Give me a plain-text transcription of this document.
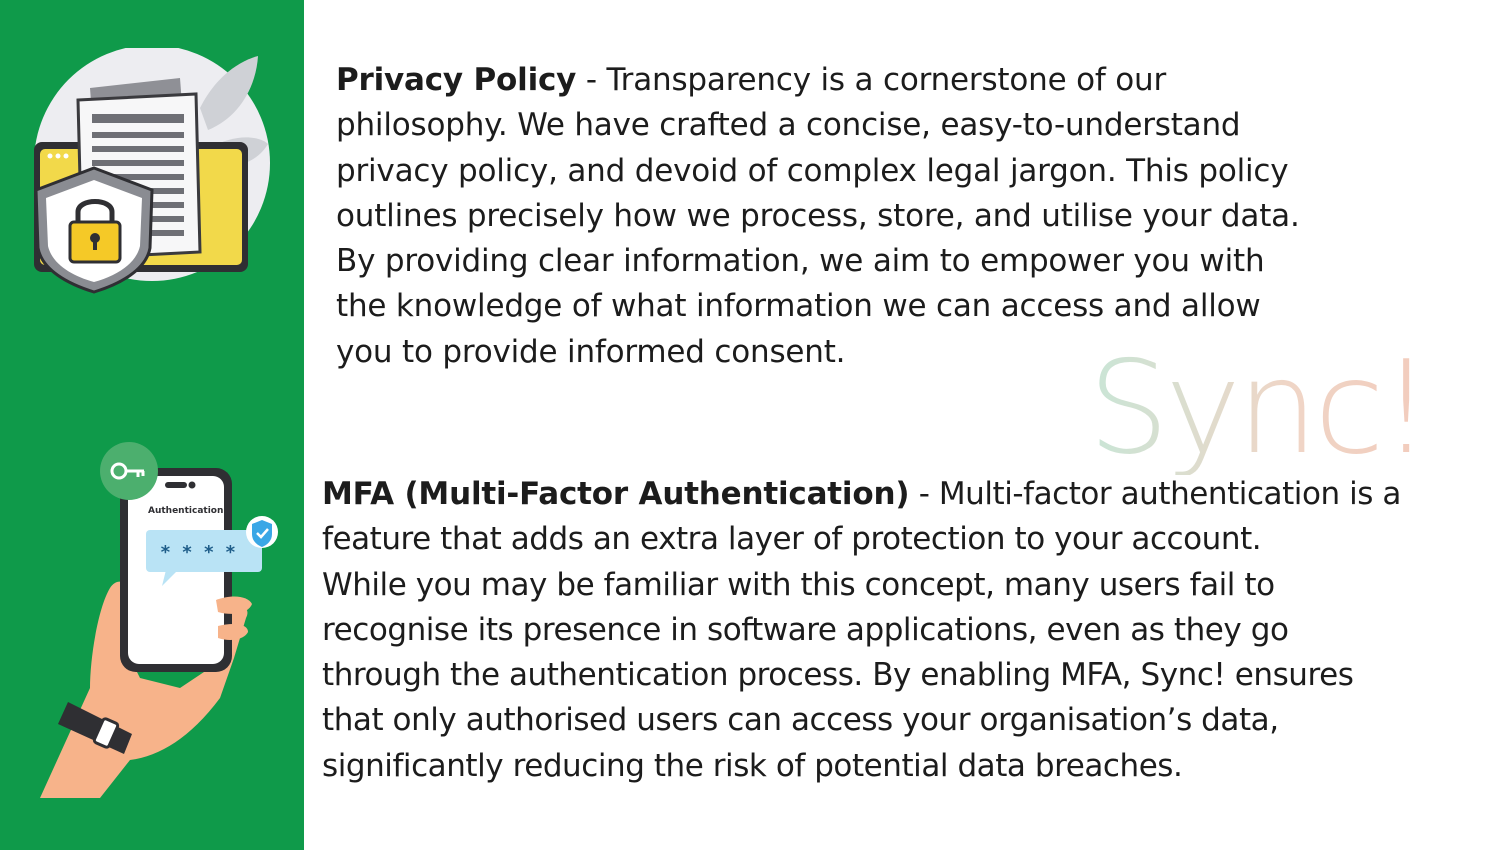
Authentication
* * * *

Privacy Policy - Transparency is a cornerstone of our
philosophy. We have crafted a concise, easy-to-understand
privacy policy, and devoid of complex legal jargon. This policy
outlines precisely how we process, store, and utilise your data.
By providing clear information, we aim to empower you with
the knowledge of what information we can access and allow
you to provide informed consent.	Sync!

MFA (Multi-Factor Authentication) - Multi-factor authentication is a
feature that adds an extra layer of protection to your account.
While you may be familiar with this concept, many users fail to
recognise its presence in software applications, even as they go
through the authentication process. By enabling MFA, Sync! ensures
that only authorised users can access your organisation’s data,
significantly reducing the risk of potential data breaches.
